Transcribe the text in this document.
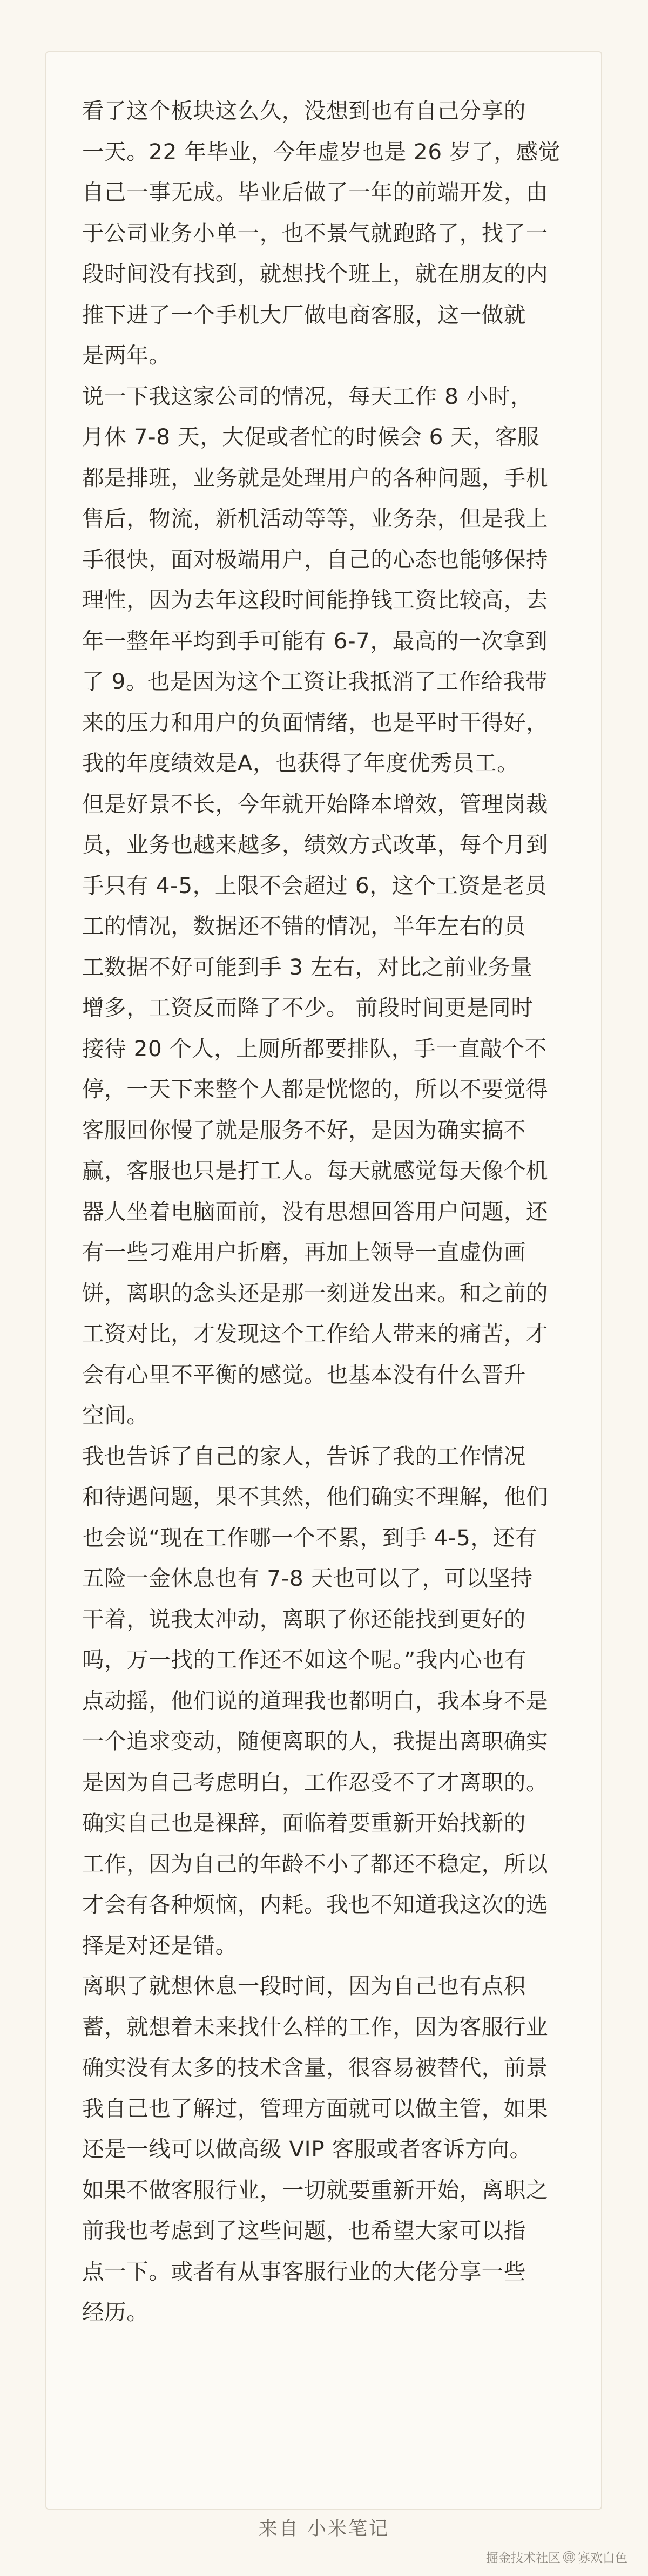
看了这个板块这么久，没想到也有自己分享的
一天。22 年毕业，今年虚岁也是 26 岁了，感觉
自己一事无成。毕业后做了一年的前端开发，由
于公司业务小单一，也不景气就跑路了，找了一
段时间没有找到，就想找个班上，就在朋友的内
推下进了一个手机大厂做电商客服，这一做就
是两年。

说一下我这家公司的情况，每天工作 8 小时，
月休 7-8 天，大促或者忙的时候会 6 天，客服
都是排班，业务就是处理用户的各种问题，手机
售后，物流，新机活动等等，业务杂，但是我上
手很快，面对极端用户，自己的心态也能够保持
理性，因为去年这段时间能挣钱工资比较高，去
年一整年平均到手可能有 6-7，最高的一次拿到
了 9。也是因为这个工资让我抵消了工作给我带
来的压力和用户的负面情绪，也是平时干得好，
我的年度绩效是A，也获得了年度优秀员工。

但是好景不长，今年就开始降本增效，管理岗裁
员，业务也越来越多，绩效方式改革，每个月到
手只有 4-5，上限不会超过 6，这个工资是老员
工的情况，数据还不错的情况，半年左右的员
工数据不好可能到手 3 左右，对比之前业务量
增多，工资反而降了不少。 前段时间更是同时
接待 20 个人，上厕所都要排队，手一直敲个不
停，一天下来整个人都是恍惚的，所以不要觉得
客服回你慢了就是服务不好，是因为确实搞不
赢，客服也只是打工人。每天就感觉每天像个机
器人坐着电脑面前，没有思想回答用户问题，还
有一些刁难用户折磨，再加上领导一直虚伪画
饼，离职的念头还是那一刻迸发出来。和之前的
工资对比，才发现这个工作给人带来的痛苦，才
会有心里不平衡的感觉。也基本没有什么晋升
空间。

我也告诉了自己的家人，告诉了我的工作情况
和待遇问题，果不其然，他们确实不理解，他们
也会说“现在工作哪一个不累，到手 4-5，还有
五险一金休息也有 7-8 天也可以了，可以坚持
干着，说我太冲动，离职了你还能找到更好的
吗，万一找的工作还不如这个呢。”我内心也有
点动摇，他们说的道理我也都明白，我本身不是
一个追求变动，随便离职的人，我提出离职确实
是因为自己考虑明白，工作忍受不了才离职的。
确实自己也是裸辞，面临着要重新开始找新的
工作，因为自己的年龄不小了都还不稳定，所以
才会有各种烦恼，内耗。我也不知道我这次的选
择是对还是错。

离职了就想休息一段时间，因为自己也有点积
蓄，就想着未来找什么样的工作，因为客服行业
确实没有太多的技术含量，很容易被替代，前景
我自己也了解过，管理方面就可以做主管，如果
还是一线可以做高级 VIP 客服或者客诉方向。
如果不做客服行业，一切就要重新开始，离职之
前我也考虑到了这些问题，也希望大家可以指
点一下。或者有从事客服行业的大佬分享一些
经历。

来自 小米笔记
掘金技术社区 @ 寡欢白色
